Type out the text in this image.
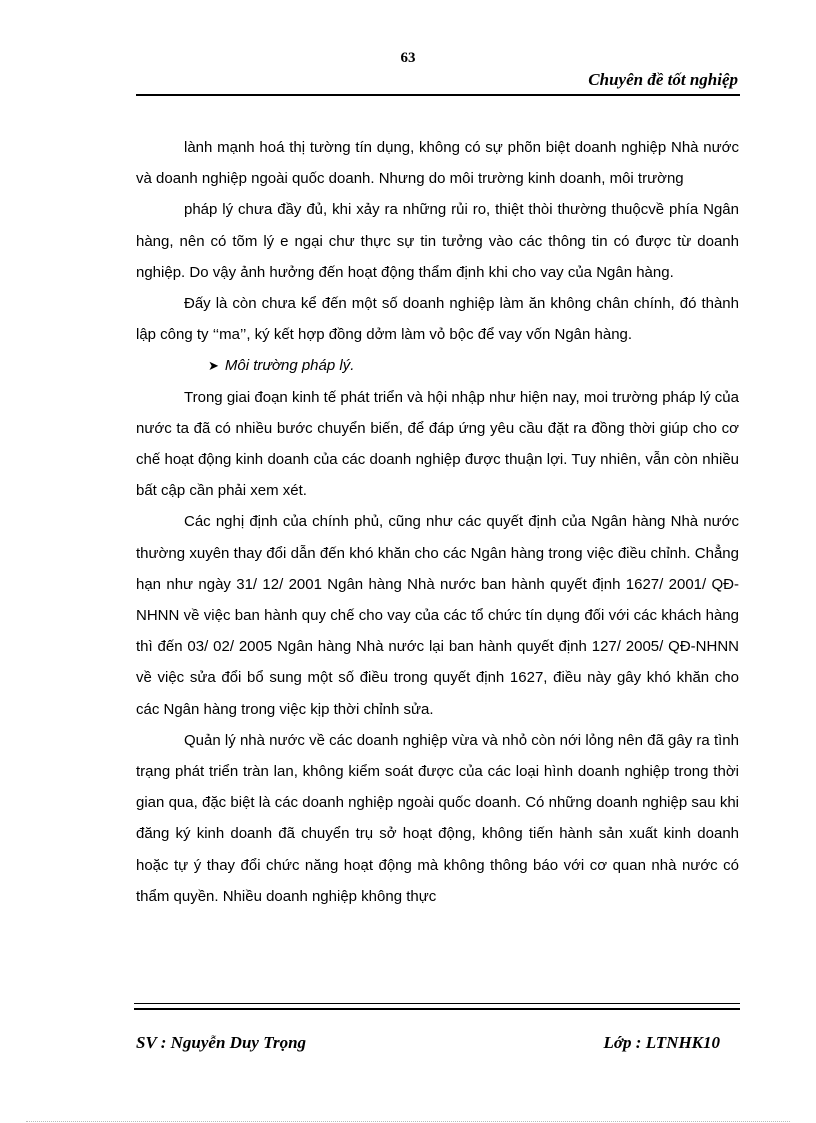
63
Chuyên đề tốt nghiệp

lành mạnh hoá thị tường tín dụng, không có sự phõn biệt doanh nghiệp Nhà nước và doanh nghiệp ngoài quốc doanh. Nhưng do môi trường kinh doanh, môi trường

pháp lý chưa đầy đủ, khi xảy ra những rủi ro, thiệt thòi thường thuộcvề phía Ngân hàng, nên có tõm lý e ngại chư thực sự tin tưởng vào các thông tin có được từ doanh nghiệp. Do vậy ảnh hưởng đến hoạt động thẩm định khi cho vay của Ngân hàng.

Đấy là còn chưa kể đến một số doanh nghiệp làm ăn không chân chính, đó thành lập công ty ‘‘ma’’, ký kết hợp đồng dởm làm vỏ bộc để vay vốn Ngân hàng.

➤ Môi trường pháp lý.

Trong giai đoạn kinh tế phát triển và hội nhập như hiện nay, moi trường pháp lý của nước ta đã có nhiều bước chuyển biến, để đáp ứng yêu cầu đặt ra đồng thời giúp cho cơ chế hoạt động kinh doanh của các doanh nghiệp được thuận lợi. Tuy nhiên, vẫn còn nhiều bất cập cần phải xem xét.

Các nghị định của chính phủ, cũng như các quyết định của Ngân hàng Nhà nước thường xuyên thay đổi dẫn đến khó khăn cho các Ngân hàng trong việc điều chỉnh. Chẳng hạn như ngày 31/ 12/ 2001 Ngân hàng Nhà nước ban hành quyết định 1627/ 2001/ QĐ-NHNN về việc ban hành quy chế cho vay của các tổ chức tín dụng đối với các khách hàng thì đến 03/ 02/ 2005 Ngân hàng Nhà nước lại ban hành quyết định 127/ 2005/ QĐ-NHNN về việc sửa đổi bổ sung một số điều trong quyết định 1627, điều này gây khó khăn cho các Ngân hàng trong việc kịp thời chỉnh sửa.

Quản lý nhà nước về các doanh nghiệp vừa và nhỏ còn nới lỏng nên đã gây ra tình trạng phát triển tràn lan, không kiểm soát được của các loại hình doanh nghiệp trong thời gian qua, đặc biệt là các doanh nghiệp ngoài quốc doanh. Có những doanh nghiệp sau khi đăng ký kinh doanh đã chuyển trụ sở hoạt động, không tiến hành sản xuất kinh doanh hoặc tự ý thay đổi chức năng hoạt động mà không thông báo với cơ quan nhà nước có thẩm quyền. Nhiều doanh nghiệp không thực

SV : Nguyễn Duy Trọng	Lớp : LTNHK10
